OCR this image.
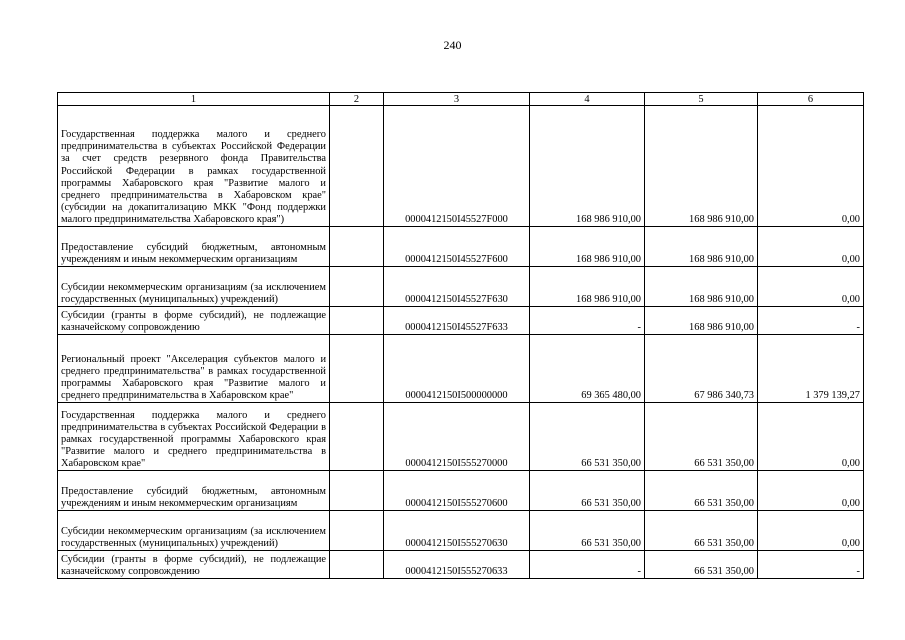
240
1	2	3	4	5	6
Государственная поддержка малого и среднего предпринимательства в субъектах Российской Федерации за счет средств резервного фонда Правительства Российской Федерации в рамках государственной программы Хабаровского края "Развитие малого и среднего предпринимательства в Хабаровском крае" (субсидии на докапитализацию МКК "Фонд поддержки малого предпринимательства Хабаровского края")		0000412150I45527F000	168 986 910,00	168 986 910,00	0,00
Предоставление субсидий бюджетным, автономным учреждениям и иным некоммерческим организациям		0000412150I45527F600	168 986 910,00	168 986 910,00	0,00
Субсидии некоммерческим организациям (за исключением государственных (муниципальных) учреждений)		0000412150I45527F630	168 986 910,00	168 986 910,00	0,00
Субсидии (гранты в форме субсидий), не подлежащие казначейскому сопровождению		0000412150I45527F633	-	168 986 910,00	-
Региональный проект "Акселерация субъектов малого и среднего предпринимательства" в рамках государственной программы Хабаровского края "Развитие малого и среднего предпринимательства в Хабаровском крае"		0000412150I500000000	69 365 480,00	67 986 340,73	1 379 139,27
Государственная поддержка малого и среднего предпринимательства в субъектах Российской Федерации в рамках государственной программы Хабаровского края "Развитие малого и среднего предпринимательства в Хабаровском крае"		0000412150I555270000	66 531 350,00	66 531 350,00	0,00
Предоставление субсидий бюджетным, автономным учреждениям и иным некоммерческим организациям		0000412150I555270600	66 531 350,00	66 531 350,00	0,00
Субсидии некоммерческим организациям (за исключением государственных (муниципальных) учреждений)		0000412150I555270630	66 531 350,00	66 531 350,00	0,00
Субсидии (гранты в форме субсидий), не подлежащие казначейскому сопровождению		0000412150I555270633	-	66 531 350,00	-
